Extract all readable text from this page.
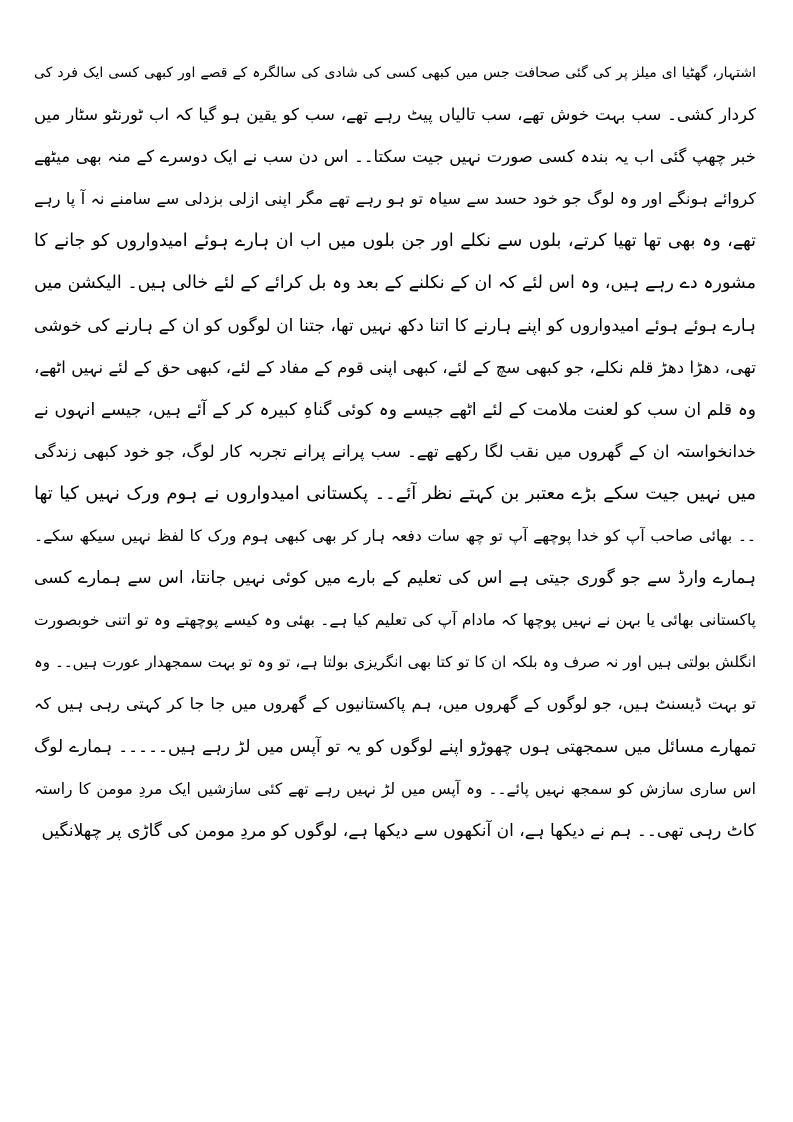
اشتہار، گھٹیا ای میلز پر کی گئی صحافت جس میں کبھی کسی کی شادی کی سالگرہ کے قصے اور کبھی کسی ایک فرد کی
کردار کشی۔ سب بہت خوش تھے، سب تالیاں پیٹ رہے تھے، سب کو یقین ہو گیا کہ اب ٹورنٹو سٹار میں
خبر چھپ گئی اب یہ بندہ کسی صورت نہیں جیت سکتا۔۔ اس دن سب نے ایک دوسرے کے منہ بھی میٹھے
کروائے ہونگے اور وہ لوگ جو خود حسد سے سیاہ تو ہو رہے تھے مگر اپنی ازلی بزدلی سے سامنے نہ آ پا رہے
تھے، وہ بھی تھا تھیا کرتے، بلوں سے نکلے اور جن بلوں میں اب ان ہارے ہوئے امیدواروں کو جانے کا
مشورہ دے رہے ہیں، وہ اس لئے کہ ان کے نکلنے کے بعد وہ بل کرائے کے لئے خالی ہیں۔ الیکشن میں
ہارے ہوئے ہوئے امیدواروں کو اپنے ہارنے کا اتنا دکھ نہیں تھا، جتنا ان لوگوں کو ان کے ہارنے کی خوشی
تھی، دھڑا دھڑ قلم نکلے، جو کبھی سچ کے لئے، کبھی اپنی قوم کے مفاد کے لئے، کبھی حق کے لئے نہیں اٹھے،
وہ قلم ان سب کو لعنت ملامت کے لئے اٹھے جیسے وہ کوئی گناہِ کبیرہ کر کے آئے ہیں، جیسے انہوں نے
خدانخواستہ ان کے گھروں میں نقب لگا رکھے تھے۔ سب پرانے پرانے تجربہ کار لوگ، جو خود کبھی زندگی
میں نہیں جیت سکے بڑے معتبر بن کہتے نظر آئے۔۔ پکستانی امیدواروں نے ہوم ورک نہیں کیا تھا
۔۔ بھائی صاحب آپ کو خدا پوچھے آپ تو چھ سات دفعہ ہار کر بھی کبھی ہوم ورک کا لفظ نہیں سیکھ سکے۔
ہمارے وارڈ سے جو گوری جیتی ہے اس کی تعلیم کے بارے میں کوئی نہیں جانتا، اس سے ہمارے کسی
پاکستانی بھائی یا بہن نے نہیں پوچھا کہ مادام آپ کی تعلیم کیا ہے۔ بھئی وہ کیسے پوچھتے وہ تو اتنی خوبصورت
انگلش بولتی ہیں اور نہ صرف وہ بلکہ ان کا تو کتا بھی انگریزی بولتا ہے، تو وہ تو بہت سمجھدار عورت ہیں۔۔ وہ
تو بہت ڈیسنٹ ہیں، جو لوگوں کے گھروں میں، ہم پاکستانیوں کے گھروں میں جا جا کر کہتی رہی ہیں کہ
تمھارے مسائل میں سمجھتی ہوں چھوڑو اپنے لوگوں کو یہ تو آپس میں لڑ رہے ہیں۔۔۔۔۔ ہمارے لوگ
اس ساری سازش کو سمجھ نہیں پائے۔۔ وہ آپس میں لڑ نہیں رہے تھے کئی سازشیں ایک مردِ مومن کا راستہ
کاٹ رہی تھی۔۔ ہم نے دیکھا ہے، ان آنکھوں سے دیکھا ہے، لوگوں کو مردِ مومن کی گاڑی پر چھلانگیں
